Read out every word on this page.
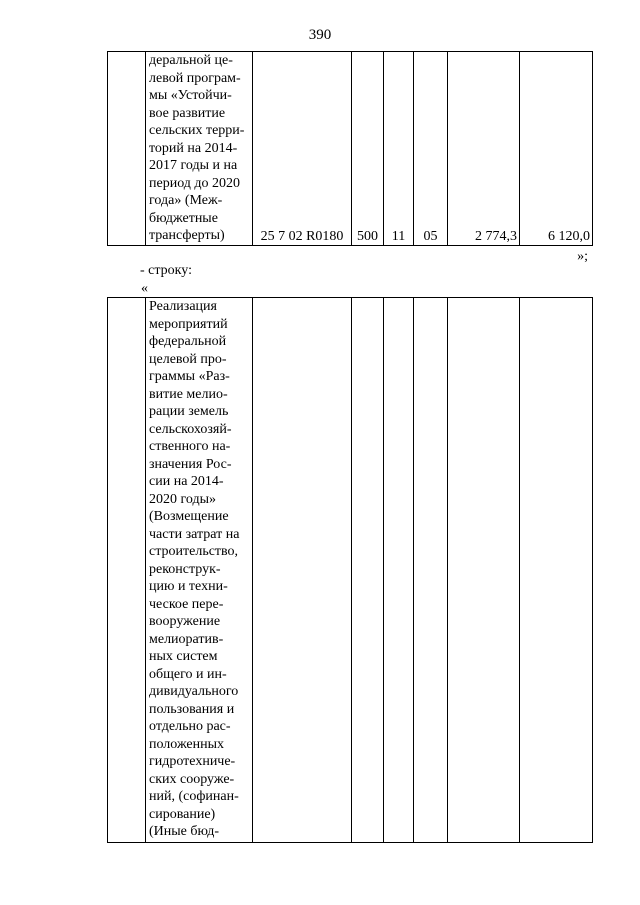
390
	деральной це-
левой програм-
мы «Устойчи-
вое развитие
сельских терри-
торий на 2014-
2017 годы и на
период до 2020
года» (Меж-
бюджетные
трансферты)	25 7 02 R0180	500	11	05	2 774,3	6 120,0
»;
- строку:
«
	Реализация
мероприятий
федеральной
целевой про-
граммы «Раз-
витие мелио-
рации земель
сельскохозяй-
ственного на-
значения Рос-
сии на 2014-
2020 годы»
(Возмещение
части затрат на
строительство,
реконструк-
цию и техни-
ческое пере-
вооружение
мелиоратив-
ных систем
общего и ин-
дивидуального
пользования и
отдельно рас-
положенных
гидротехниче-
ских сооруже-
ний, (софинан-
сирование)
(Иные бюд-						
